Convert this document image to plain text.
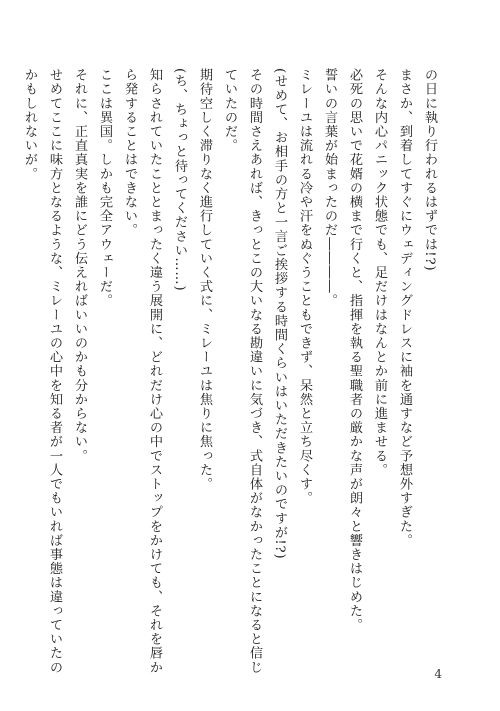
の日に執り行われるはずでは!?)
まさか、到着してすぐにウェディングドレスに袖を通すなど予想外すぎた。
そんな内心パニック状態でも、足だけはなんとか前に進ませる。
必死の思いで花婿の横まで行くと、指揮を執る聖職者の厳かな声が朗々と響きはじめた。
誓いの言葉が始まったのだ――――。
ミレーユは流れる冷や汗をぬぐうこともできず、呆然と立ち尽くす。
(せめて、お相手の方と一言ご挨拶する時間くらいはいただきたいのですが!?)
その時間さえあれば、きっとこの大いなる勘違いに気づき、式自体がなかったことになると信じ
ていたのだ。
期待空しく滞りなく進行していく式に、ミレーユは焦りに焦った。
(ち、ちょっと待ってください……)
知らされていたこととまったく違う展開に、どれだけ心の中でストップをかけても、それを唇か
ら発することはできない。
ここは異国。しかも完全アウェーだ。
それに、正直真実を誰にどう伝えればいいのかも分からない。
せめてここに味方となるような、ミレーユの心中を知る者が一人でもいれば事態は違っていたの
かもしれないが。
4
